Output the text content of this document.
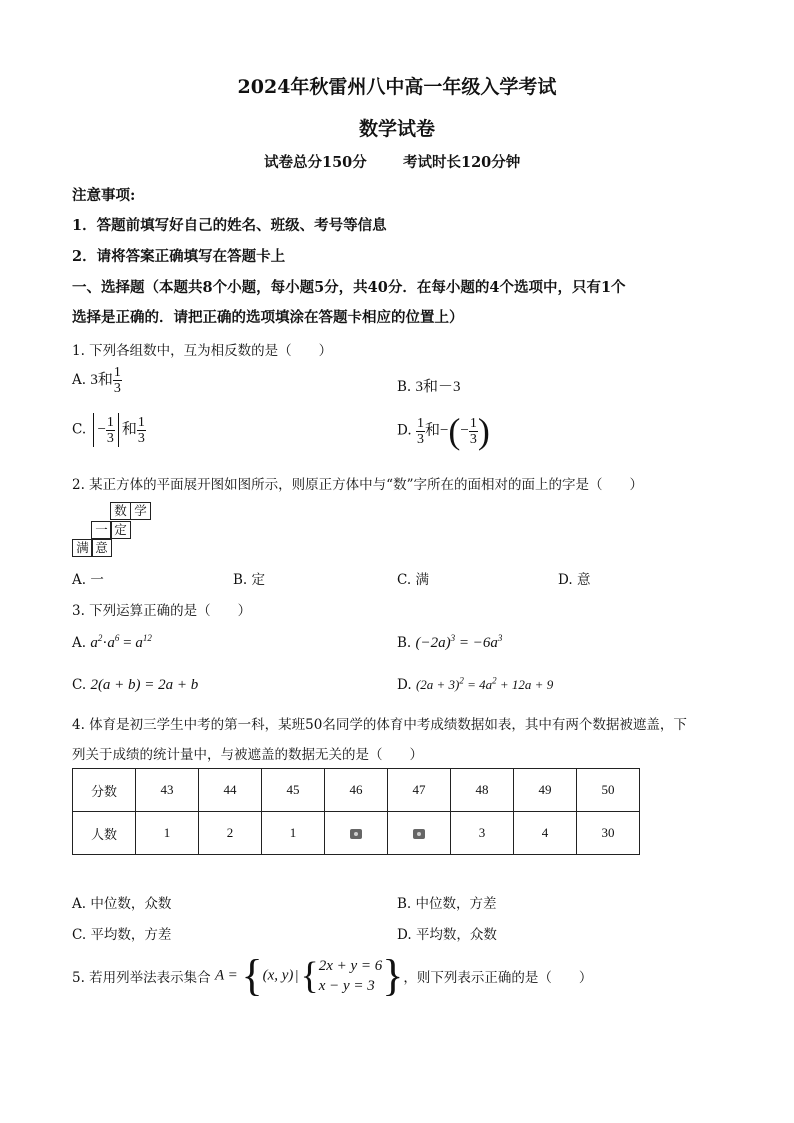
2024年秋雷州八中高一年级入学考试
数学试卷
试卷总分150分 考试时长120分钟
注意事项:
1．答题前填写好自己的姓名、班级、考号等信息
2．请将答案正确填写在答题卡上
一、选择题（本题共8个小题，每小题5分，共40分．在每小题的4个选项中，只有1个
选择是正确的．请把正确的选项填涂在答题卡相应的位置上）
1. 下列各组数中，互为相反数的是（　　）
A. 3和 $\frac{1}{3}$	B. 3和－3
C. − $\frac{1}{3}$ 和 $\frac{1}{3}$	D. $\frac{1}{3}$ 和−(− $\frac{1}{3}$ )
2. 某正方体的平面展开图如图所示，则原正方体中与“数”字所在的面相对的面上的字是（　　）
数 学
一 定
满 意
A. 一	B. 定	C. 满	D. 意
3. 下列运算正确的是（　　）
A. $a^2\cdot a^6 = a^{12}$	B. $(-2a)^3 = -6a^3$
C. 2(a + b) = 2a + b	D. $(2a + 3)^2 = 4a^2 + 12a + 9$
4. 体育是初三学生中考的第一科，某班50名同学的体育中考成绩数据如表，其中有两个数据被遮盖，下
列关于成绩的统计量中，与被遮盖的数据无关的是（　　）
分数	43	44	45	46	47	48	49	50
人数	1	2	1			3	4	30
A. 中位数，众数	B. 中位数，方差
C. 平均数，方差	D. 平均数，众数
5. 若用列举法表示集合 A = {(x, y) |{ 2x + y = 6
x − y = 3 }，则下列表示正确的是（　　）
